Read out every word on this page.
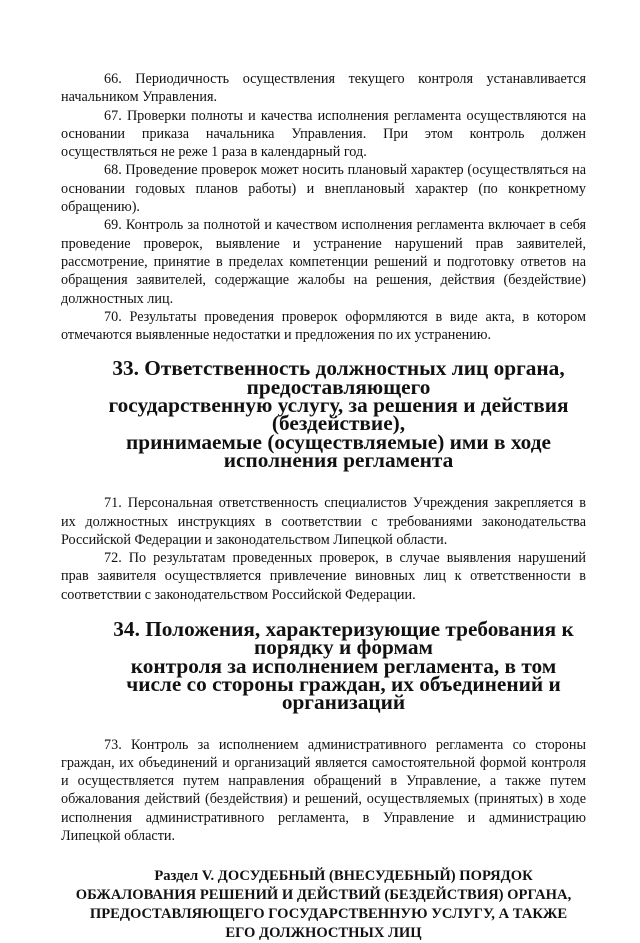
66. Периодичность осуществления текущего контроля устанавливается начальником Управления.

67. Проверки полноты и качества исполнения регламента осуществляются на основании приказа начальника Управления. При этом контроль должен осуществляться не реже 1 раза в календарный год.

68. Проведение проверок может носить плановый характер (осуществляться на основании годовых планов работы) и внеплановый характер (по конкретному обращению).

69. Контроль за полнотой и качеством исполнения регламента включает в себя проведение проверок, выявление и устранение нарушений прав заявителей, рассмотрение, принятие в пределах компетенции решений и подготовку ответов на обращения заявителей, содержащие жалобы на решения, действия (бездействие) должностных лиц.

70. Результаты проведения проверок оформляются в виде акта, в котором отмечаются выявленные недостатки и предложения по их устранению.

33. Ответственность должностных лиц органа, предоставляющего
государственную услугу, за решения и действия (бездействие),
принимаемые (осуществляемые) ими в ходе
исполнения регламента

71. Персональная ответственность специалистов Учреждения закрепляется в их должностных инструкциях в соответствии с требованиями законодательства Российской Федерации и законодательством Липецкой области.

72. По результатам проведенных проверок, в случае выявления нарушений прав заявителя осуществляется привлечение виновных лиц к ответственности в соответствии с законодательством Российской Федерации.

34. Положения, характеризующие требования к порядку и формам
контроля за исполнением регламента, в том
числе со стороны граждан, их объединений и организаций

73. Контроль за исполнением административного регламента со стороны граждан, их объединений и организаций является самостоятельной формой контроля и осуществляется путем направления обращений в Управление, а также путем обжалования действий (бездействия) и решений, осуществляемых (принятых) в ходе исполнения административного регламента, в Управление и администрацию Липецкой области.

Раздел V. ДОСУДЕБНЫЙ (ВНЕСУДЕБНЫЙ) ПОРЯДОК
ОБЖАЛОВАНИЯ РЕШЕНИЙ И ДЕЙСТВИЙ (БЕЗДЕЙСТВИЯ) ОРГАНА,
ПРЕДОСТАВЛЯЮЩЕГО ГОСУДАРСТВЕННУЮ УСЛУГУ, А ТАКЖЕ
ЕГО ДОЛЖНОСТНЫХ ЛИЦ
